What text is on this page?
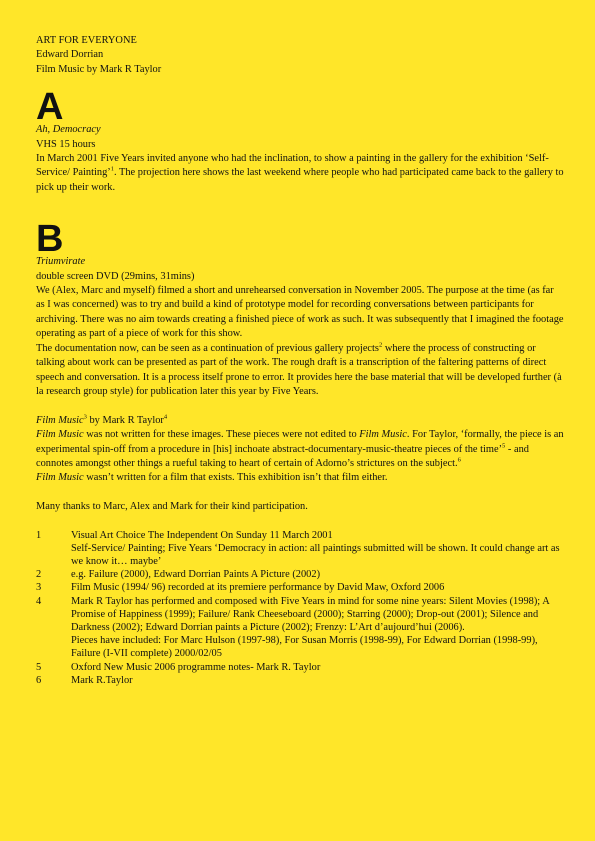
ART FOR EVERYONE

Edward Dorrian

Film Music by Mark R Taylor

A

Ah, Democracy

VHS 15 hours

In March 2001 Five Years invited anyone who had the inclination, to show a painting in the gallery for the exhibition ‘Self-Service/ Painting’$^1$. The projection here shows the last weekend where people who had participated came back to the gallery to pick up their work.

B

Triumvirate

double screen DVD (29mins, 31mins)

We (Alex, Marc and myself) filmed a short and unrehearsed conversation in November 2005. The purpose at the time (as far as I was concerned) was to try and build a kind of prototype model for recording conversations between participants for archiving. There was no aim towards creating a finished piece of work as such. It was subsequently that I imagined the footage operating as part of a piece of work for this show.

The documentation now, can be seen as a continuation of previous gallery projects$^2$ where the process of constructing or talking about work can be presented as part of the work. The rough draft is a transcription of the faltering patterns of direct speech and conversation. It is a process itself prone to error. It provides here the base material that will be developed further (à la research group style) for publication later this year by Five Years.

Film Music$^3$ by Mark R Taylor$^4$

Film Music was not written for these images. These pieces were not edited to Film Music. For Taylor, ‘formally, the piece is an experimental spin-off from a procedure in [his] inchoate abstract-documentary-music-theatre pieces of the time’$^5$ - and connotes amongst other things a rueful taking to heart of certain of Adorno’s strictures on the subject.$^6$

Film Music wasn’t written for a film that exists. This exhibition isn’t that film either.

Many thanks to Marc, Alex and Mark for their kind participation.

1	Visual Art Choice The Independent On Sunday 11 March 2001

Self-Service/ Painting; Five Years ‘Democracy in action: all paintings submitted will be shown. It could change art as we know it… maybe’

2	e.g. Failure (2000), Edward Dorrian Paints A Picture (2002)

3	Film Music (1994/ 96) recorded at its premiere performance by David Maw, Oxford 2006

4	Mark R Taylor has performed and composed with Five Years in mind for some nine years: Silent Movies (1998); A Promise of Happiness (1999); Failure/ Rank Cheeseboard (2000); Starring (2000); Drop-out (2001); Silence and Darkness (2002); Edward Dorrian paints a Picture (2002); Frenzy: L’Art d’aujourd’hui (2006).

Pieces have included: For Marc Hulson (1997-98), For Susan Morris (1998-99), For Edward Dorrian (1998-99), Failure (I-VII complete) 2000/02/05

5	Oxford New Music 2006 programme notes- Mark R. Taylor

6	Mark R.Taylor
